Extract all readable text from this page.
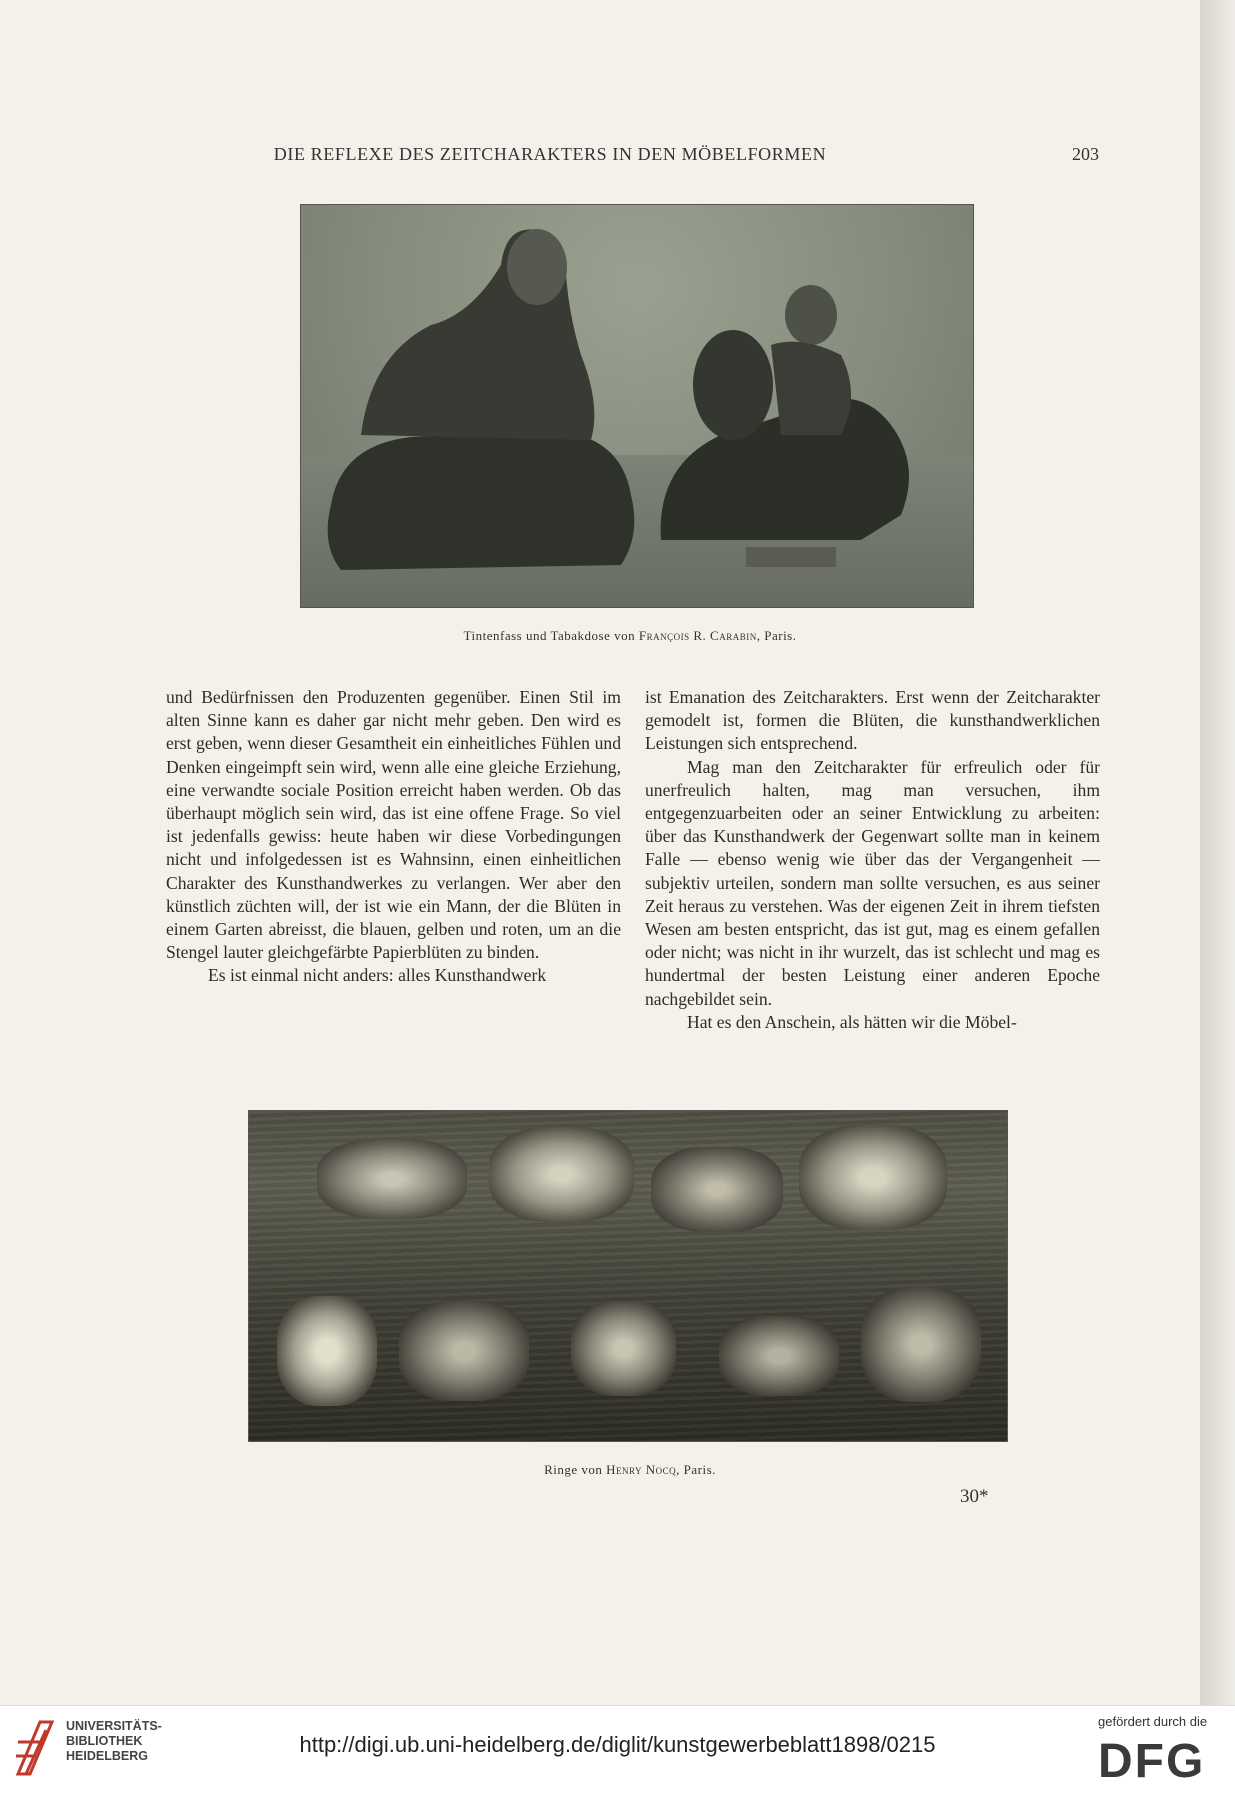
DIE REFLEXE DES ZEITCHARAKTERS IN DEN MÖBELFORMEN	203
Tintenfass und Tabakdose von François R. Carabin, Paris.

und Bedürfnissen den Produzenten gegenüber. Einen Stil im alten Sinne kann es daher gar nicht mehr geben. Den wird es erst geben, wenn dieser Gesamtheit ein einheitliches Fühlen und Denken eingeimpft sein wird, wenn alle eine gleiche Erziehung, eine verwandte sociale Position erreicht haben werden. Ob das überhaupt möglich sein wird, das ist eine offene Frage. So viel ist jedenfalls gewiss: heute haben wir diese Vorbedingungen nicht und infolgedessen ist es Wahnsinn, einen einheitlichen Charakter des Kunsthandwerkes zu verlangen. Wer aber den künstlich züchten will, der ist wie ein Mann, der die Blüten in einem Garten abreisst, die blauen, gelben und roten, um an die Stengel lauter gleichgefärbte Papierblüten zu binden.

Es ist einmal nicht anders: alles Kunsthandwerk

ist Emanation des Zeitcharakters. Erst wenn der Zeitcharakter gemodelt ist, formen die Blüten, die kunsthandwerklichen Leistungen sich entsprechend.

Mag man den Zeitcharakter für erfreulich oder für unerfreulich halten, mag man versuchen, ihm entgegenzuarbeiten oder an seiner Entwicklung zu arbeiten: über das Kunsthandwerk der Gegenwart sollte man in keinem Falle — ebenso wenig wie über das der Vergangenheit — subjektiv urteilen, sondern man sollte versuchen, es aus seiner Zeit heraus zu verstehen. Was der eigenen Zeit in ihrem tiefsten Wesen am besten entspricht, das ist gut, mag es einem gefallen oder nicht; was nicht in ihr wurzelt, das ist schlecht und mag es hundertmal der besten Leistung einer anderen Epoche nachgebildet sein.

Hat es den Anschein, als hätten wir die Möbel-

Ringe von Henry Nocq, Paris.
30*
UNIVERSITÄTS-
BIBLIOTHEK
HEIDELBERG	http://digi.ub.uni-heidelberg.de/diglit/kunstgewerbeblatt1898/0215
gefördert durch die
DFG
